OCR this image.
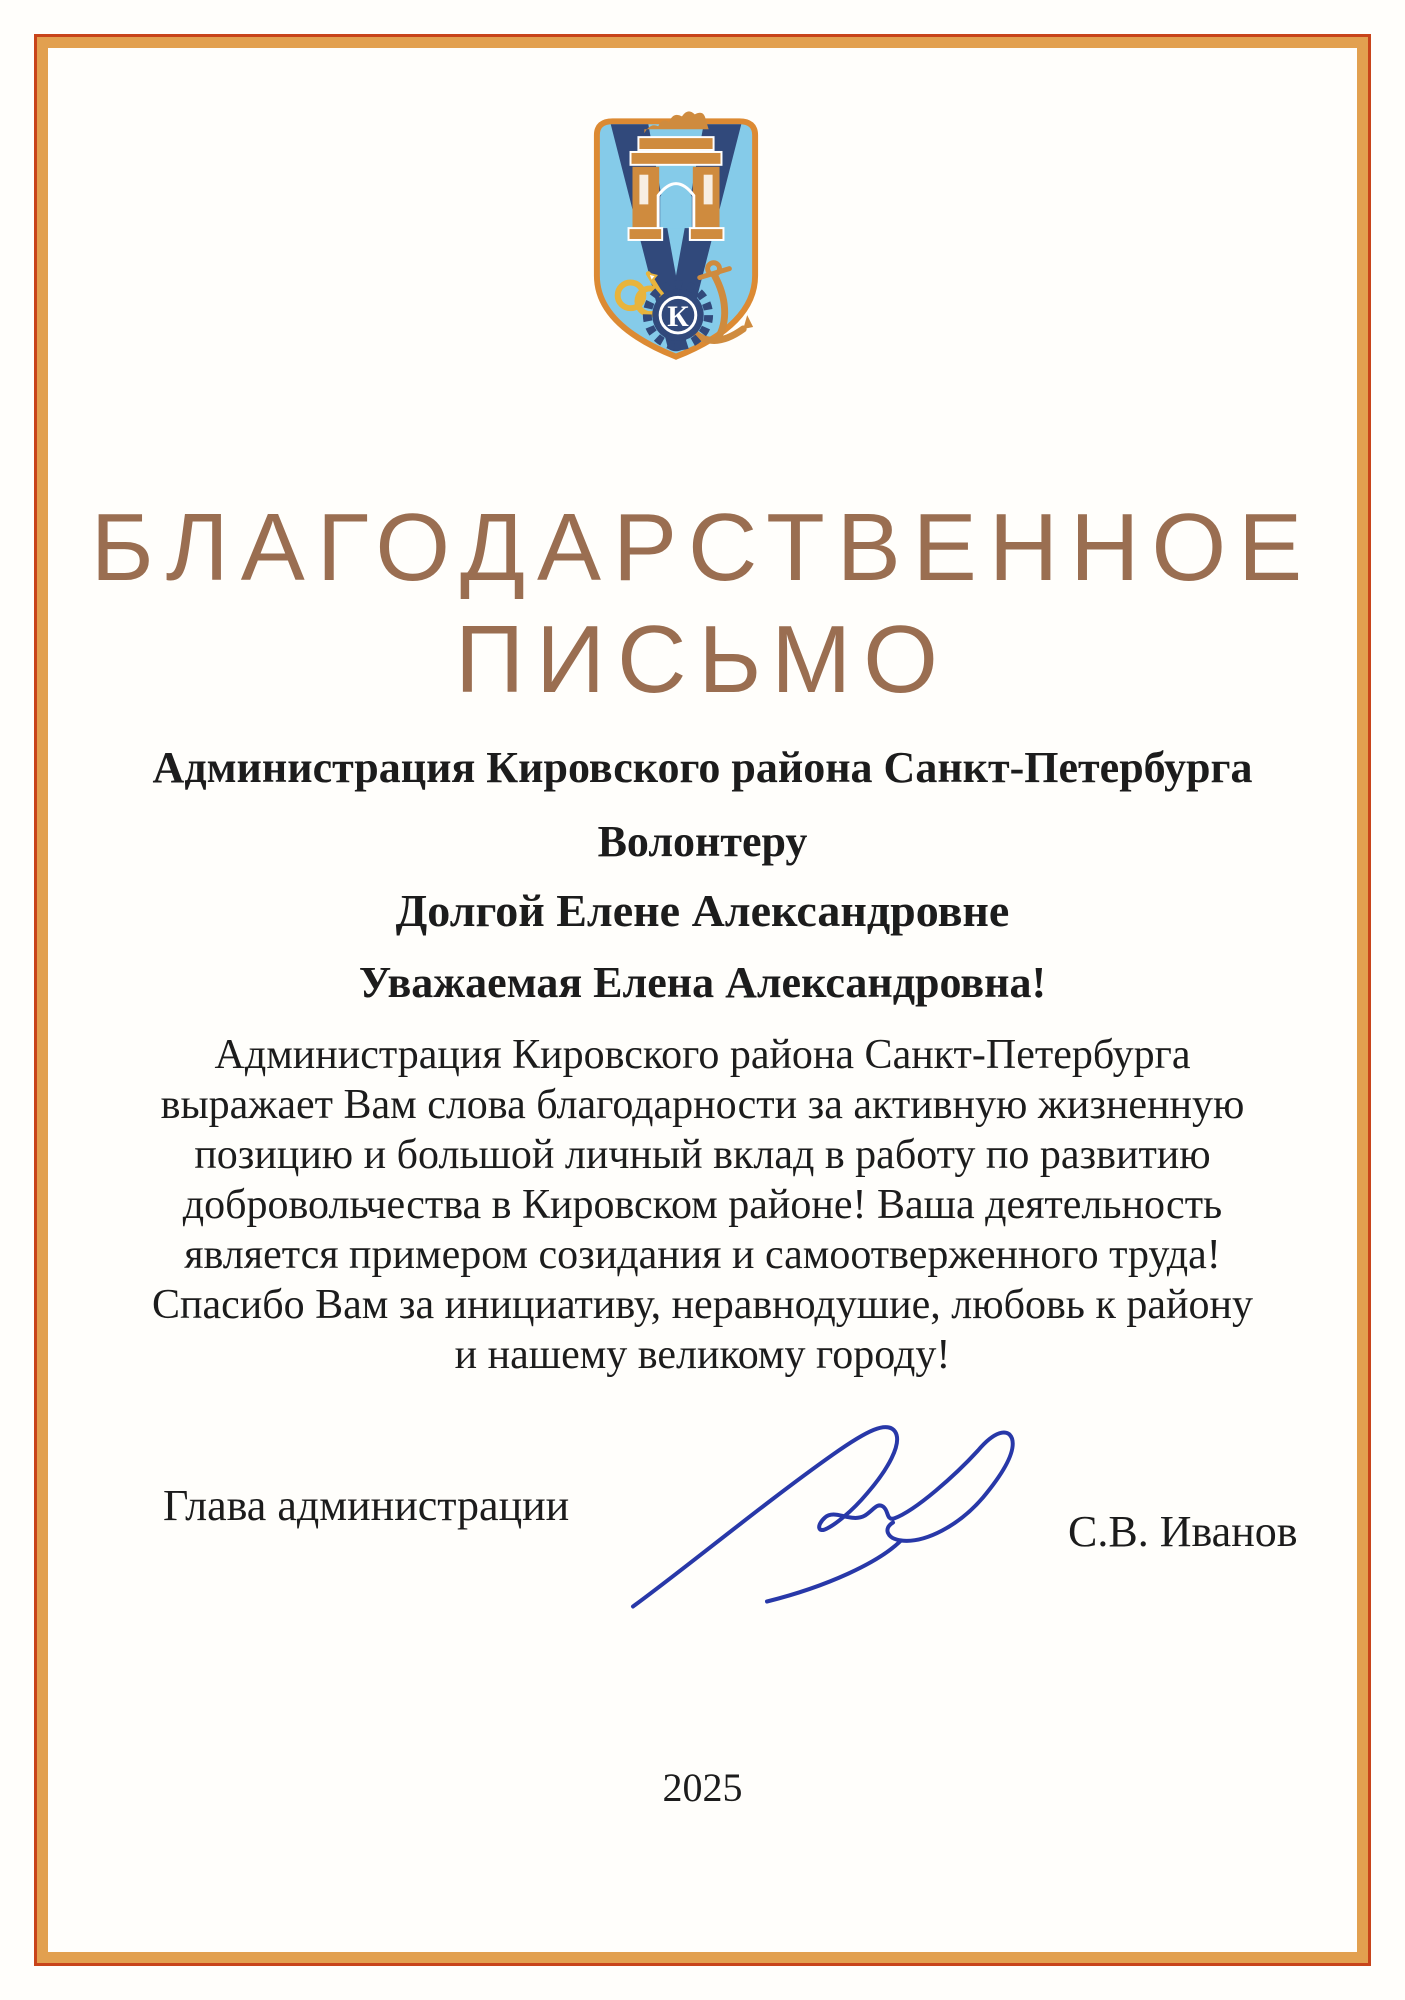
К
БЛАГОДАРСТВЕННОЕ
ПИСЬМО
Администрация Кировского района Санкт-Петербурга
Волонтеру
Долгой Елене Александровне
Уважаемая Елена Александровна!
Администрация Кировского района Санкт-Петербурга
выражает Вам слова благодарности за активную жизненную
позицию и большой личный вклад в работу по развитию
добровольчества в Кировском районе! Ваша деятельность
является примером созидания и самоотверженного труда!
Спасибо Вам за инициативу, неравнодушие, любовь к району
и нашему великому городу!
Глава администрации
С.В. Иванов
2025
